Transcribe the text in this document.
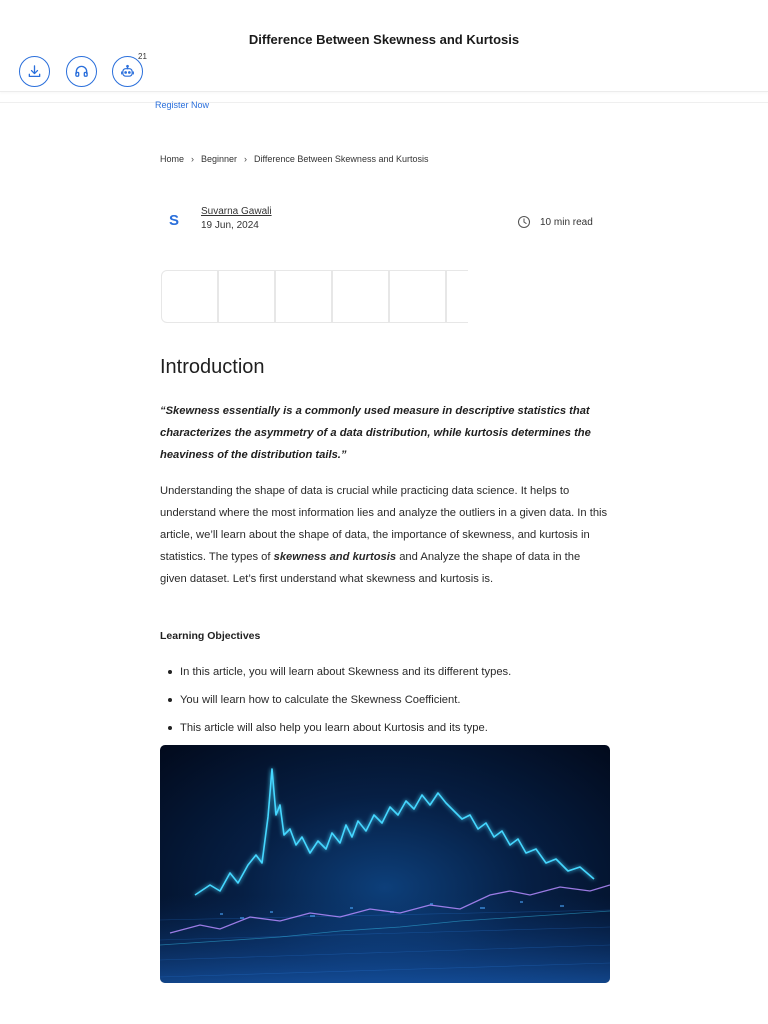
Difference Between Skewness and Kurtosis
21
Register Now
Home › Beginner › Difference Between Skewness and Kurtosis
S
Suvarna Gawali
19 Jun, 2024	10 min read
Introduction

“Skewness essentially is a commonly used measure in descriptive statistics that characterizes the asymmetry of a data distribution, while kurtosis determines the heaviness of the distribution tails.”

Understanding the shape of data is crucial while practicing data science. It helps to understand where the most information lies and analyze the outliers in a given data. In this article, we’ll learn about the shape of data, the importance of skewness, and kurtosis in statistics. The types of skewness and kurtosis and Analyze the shape of data in the given dataset. Let’s first understand what skewness and kurtosis is.

Learning Objectives
In this article, you will learn about Skewness and its different types.
You will learn how to calculate the Skewness Coefficient.
This article will also help you learn about Kurtosis and its type.
